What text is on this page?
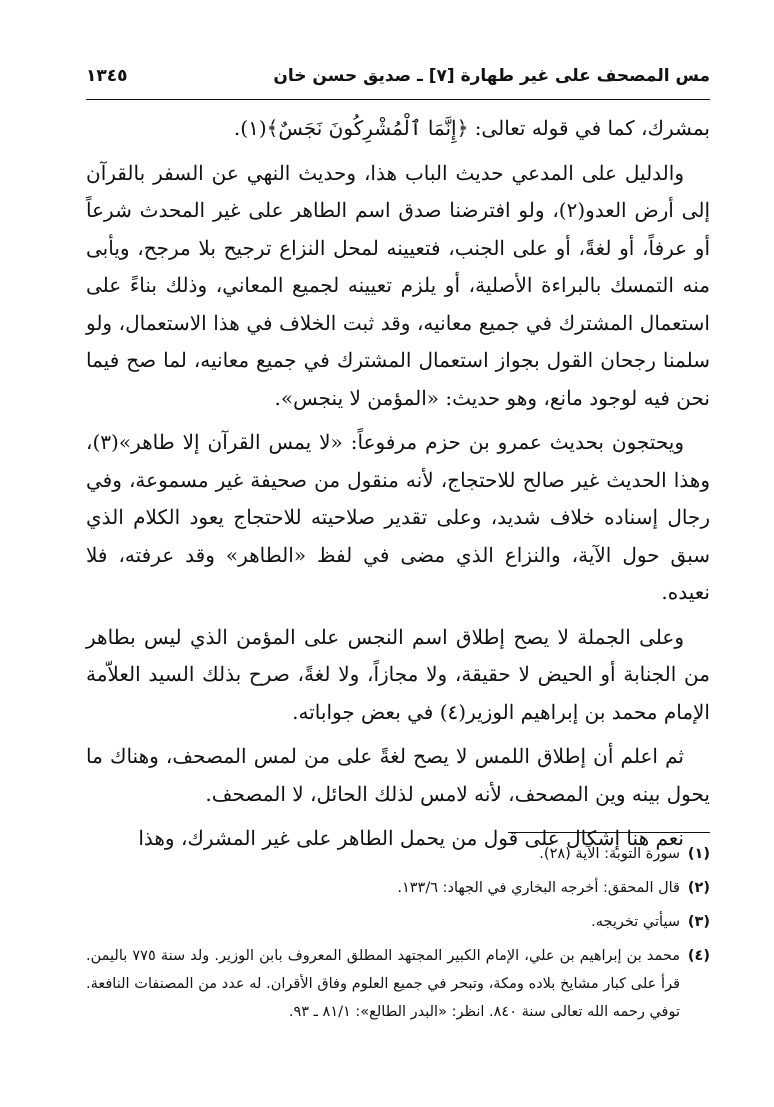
مس المصحف على غير طهارة [٧] ـ صديق حسن خان
١٣٤٥

بمشرك، كما في قوله تعالى: ﴿إِنَّمَا ٱلْمُشْرِكُونَ نَجَسٌ﴾(١).

والدليل على المدعي حديث الباب هذا، وحديث النهي عن السفر بالقرآن إلى أرض العدو(٢)، ولو افترضنا صدق اسم الطاهر على غير المحدث شرعاً أو عرفاً، أو لغةً، أو على الجنب، فتعيينه لمحل النزاع ترجيح بلا مرجح، ويأبى منه التمسك بالبراءة الأصلية، أو يلزم تعيينه لجميع المعاني، وذلك بناءً على استعمال المشترك في جميع معانيه، وقد ثبت الخلاف في هذا الاستعمال، ولو سلمنا رجحان القول بجواز استعمال المشترك في جميع معانيه، لما صح فيما نحن فيه لوجود مانع، وهو حديث: «المؤمن لا ينجس».

ويحتجون بحديث عمرو بن حزم مرفوعاً: «لا يمس القرآن إلا طاهر»(٣)، وهذا الحديث غير صالح للاحتجاج، لأنه منقول من صحيفة غير مسموعة، وفي رجال إسناده خلاف شديد، وعلى تقدير صلاحيته للاحتجاج يعود الكلام الذي سبق حول الآية، والنزاع الذي مضى في لفظ «الطاهر» وقد عرفته، فلا نعيده.

وعلى الجملة لا يصح إطلاق اسم النجس على المؤمن الذي ليس بطاهر من الجنابة أو الحيض لا حقيقة، ولا مجازاً، ولا لغةً، صرح بذلك السيد العلاّمة الإمام محمد بن إبراهيم الوزير(٤) في بعض جواباته.

ثم اعلم أن إطلاق اللمس لا يصح لغةً على من لمس المصحف، وهناك ما يحول بينه وين المصحف، لأنه لامس لذلك الحائل، لا المصحف.

نعم هنا إشكال على قول من يحمل الطاهر على غير المشرك، وهذا

(١)
سورة التوبة: الآية (٢٨).
(٢)
قال المحقق: أخرجه البخاري في الجهاد: ١٣٣/٦.
(٣)
سيأتي تخريجه.
(٤)
محمد بن إبراهيم بن علي، الإمام الكبير المجتهد المطلق المعروف بابن الوزير. ولد سنة ٧٧٥ باليمن. قرأ على كبار مشايخ بلاده ومكة، وتبحر في جميع العلوم وفاق الأقران. له عدد من المصنفات النافعة. توفي رحمه الله تعالى سنة ٨٤٠. انظر: «البدر الطالع»: ٨١/١ ـ ٩٣.
